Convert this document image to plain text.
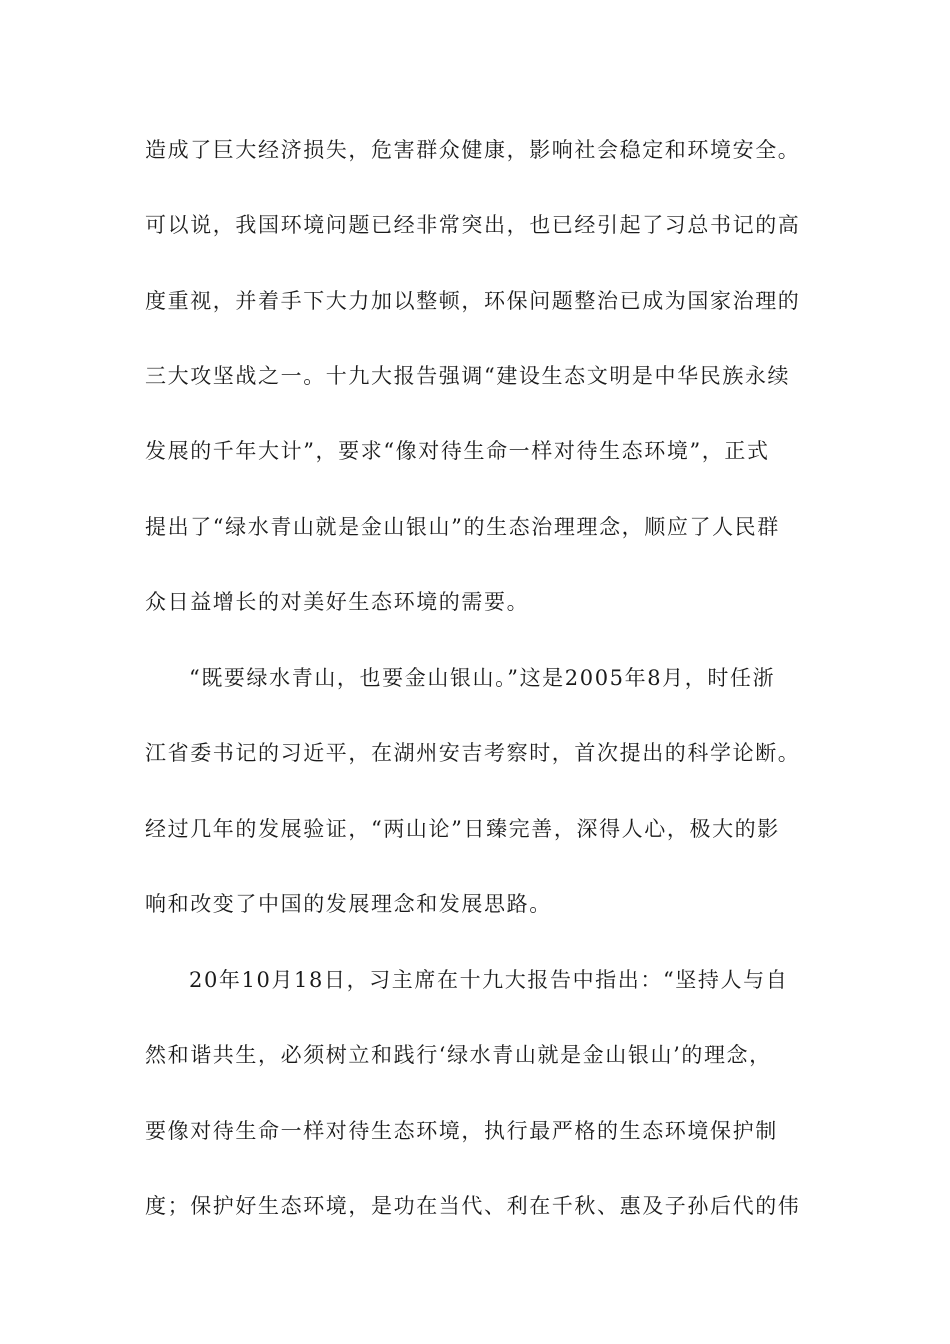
造成了巨大经济损失，危害群众健康，影响社会稳定和环境安全。
可以说，我国环境问题已经非常突出，也已经引起了习总书记的高
度重视，并着手下大力加以整顿，环保问题整治已成为国家治理的
三大攻坚战之一。十九大报告强调“建设生态文明是中华民族永续
发展的千年大计”，要求“像对待生命一样对待生态环境”，正式
提出了“绿水青山就是金山银山”的生态治理理念，顺应了人民群
众日益增长的对美好生态环境的需要。
“既要绿水青山，也要金山银山。”这是2005年8月，时任浙
江省委书记的习近平，在湖州安吉考察时，首次提出的科学论断。
经过几年的发展验证，“两山论”日臻完善，深得人心，极大的影
响和改变了中国的发展理念和发展思路。
20年10月18日，习主席在十九大报告中指出：“坚持人与自
然和谐共生，必须树立和践行‘绿水青山就是金山银山’的理念，
要像对待生命一样对待生态环境，执行最严格的生态环境保护制
度；保护好生态环境，是功在当代、利在千秋、惠及子孙后代的伟
